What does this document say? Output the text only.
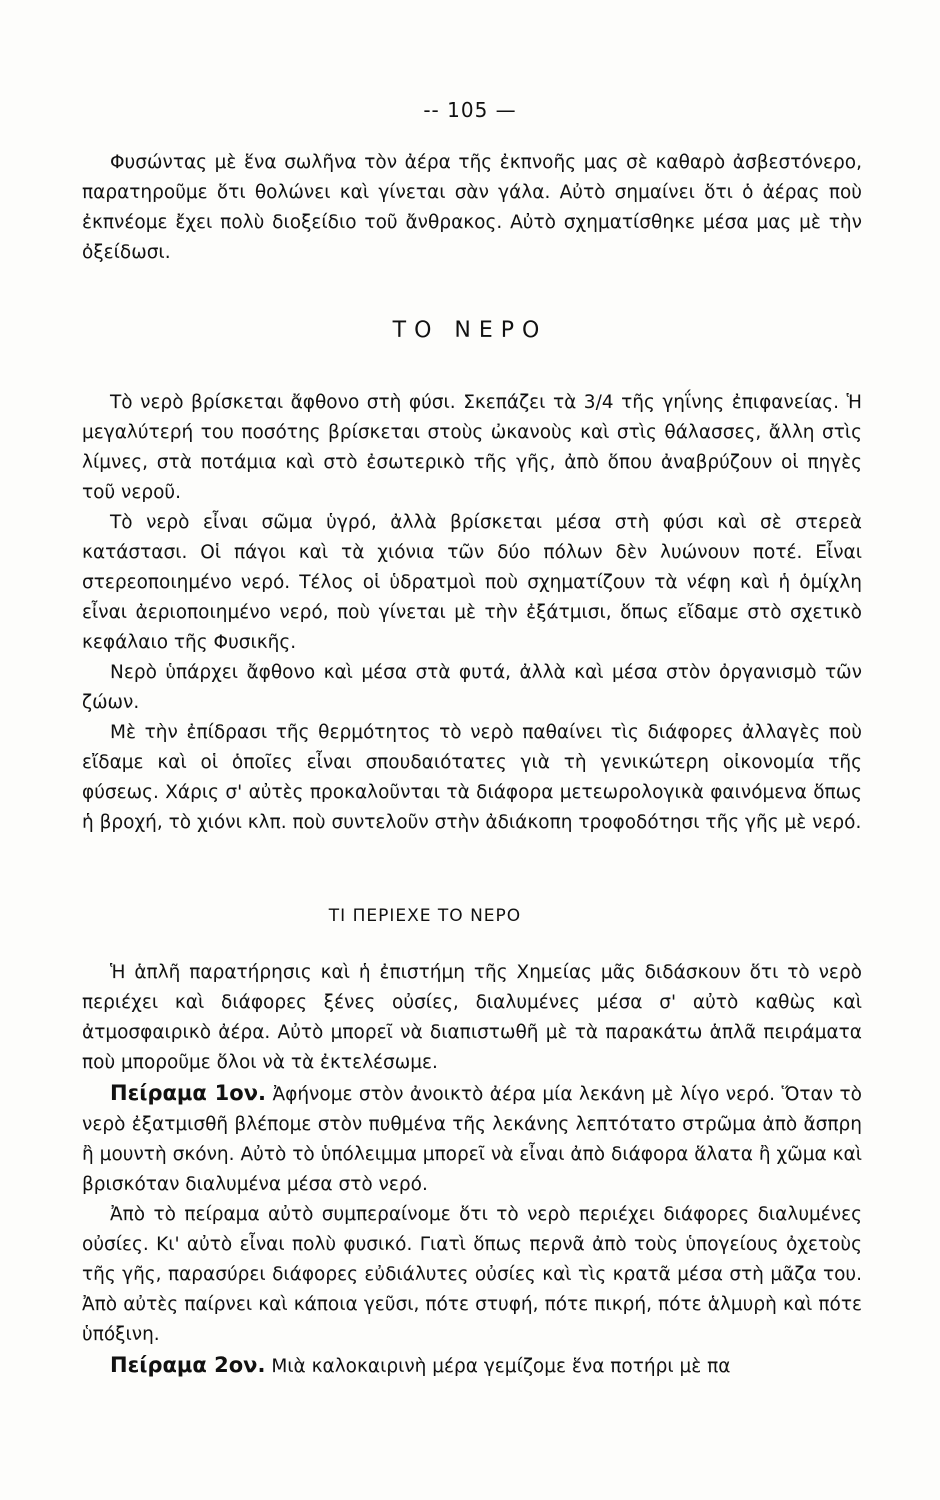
-- 105 —

Φυσώντας μὲ ἕνα σωλῆνα τὸν ἀέρα τῆς ἐκπνοῆς μας σὲ καθαρὸ ἀσβεστόνερο, παρατηροῦμε ὅτι θολώνει καὶ γίνεται σὰν γάλα. Αὐτὸ σημαίνει ὅτι ὁ ἀέρας ποὺ ἐκπνέομε ἔχει πολὺ διοξείδιο τοῦ ἄνθρακος. Αὐτὸ σχηματίσθηκε μέσα μας μὲ τὴν ὀξείδωσι.

ΤΟ ΝΕΡΟ

Τὸ νερὸ βρίσκεται ἄφθονο στὴ φύσι. Σκεπάζει τὰ 3/4 τῆς γηΐνης ἐπιφανείας. Ἡ μεγαλύτερή του ποσότης βρίσκεται στοὺς ὠκανοὺς καὶ στὶς θάλασσες, ἄλλη στὶς λίμνες, στὰ ποτάμια καὶ στὸ ἐσωτερικὸ τῆς γῆς, ἀπὸ ὅπου ἀναβρύζουν οἱ πηγὲς τοῦ νεροῦ.

Τὸ νερὸ εἶναι σῶμα ὑγρό, ἀλλὰ βρίσκεται μέσα στὴ φύσι καὶ σὲ στερεὰ κατάστασι. Οἱ πάγοι καὶ τὰ χιόνια τῶν δύο πόλων δὲν λυώνουν ποτέ. Εἶναι στερεοποιημένο νερό. Τέλος οἱ ὑδρατμοὶ ποὺ σχηματίζουν τὰ νέφη καὶ ἡ ὁμίχλη εἶναι ἀεριοποιημένο νερό, ποὺ γίνεται μὲ τὴν ἐξάτμισι, ὅπως εἴδαμε στὸ σχετικὸ κεφάλαιο τῆς Φυσικῆς.

Νερὸ ὑπάρχει ἄφθονο καὶ μέσα στὰ φυτά, ἀλλὰ καὶ μέσα στὸν ὀργανισμὸ τῶν ζώων.

Μὲ τὴν ἐπίδρασι τῆς θερμότητος τὸ νερὸ παθαίνει τὶς διάφορες ἀλλαγὲς ποὺ εἴδαμε καὶ οἱ ὁποῖες εἶναι σπουδαιότατες γιὰ τὴ γενικώτερη οἰκονομία τῆς φύσεως. Χάρις σ' αὐτὲς προκαλοῦνται τὰ διάφορα μετεωρολογικὰ φαινόμενα ὅπως ἡ βροχή, τὸ χιόνι κλπ. ποὺ συντελοῦν στὴν ἀδιάκοπη τροφοδότησι τῆς γῆς μὲ νερό.

ΤΙ ΠΕΡΙΕΧΕ ΤΟ ΝΕΡΟ

Ἡ ἁπλῆ παρατήρησις καὶ ἡ ἐπιστήμη τῆς Χημείας μᾶς διδάσκουν ὅτι τὸ νερὸ περιέχει καὶ διάφορες ξένες οὐσίες, διαλυμένες μέσα σ' αὐτὸ καθὼς καὶ ἀτμοσφαιρικὸ ἀέρα. Αὐτὸ μπορεῖ νὰ διαπιστωθῆ μὲ τὰ παρακάτω ἁπλᾶ πειράματα ποὺ μποροῦμε ὅλοι νὰ τὰ ἐκτελέσωμε.

Πείραμα 1ον. Ἀφήνομε στὸν ἀνοικτὸ ἀέρα μία λεκάνη μὲ λίγο νερό. Ὅταν τὸ νερὸ ἐξατμισθῆ βλέπομε στὸν πυθμένα τῆς λεκάνης λεπτότατο στρῶμα ἀπὸ ἄσπρη ἢ μουντὴ σκόνη. Αὐτὸ τὸ ὑπόλειμμα μπορεῖ νὰ εἶναι ἀπὸ διάφορα ἅλατα ἢ χῶμα καὶ βρισκόταν διαλυμένα μέσα στὸ νερό.

Ἀπὸ τὸ πείραμα αὐτὸ συμπεραίνομε ὅτι τὸ νερὸ περιέχει διάφορες διαλυμένες οὐσίες. Κι' αὐτὸ εἶναι πολὺ φυσικό. Γιατὶ ὅπως περνᾶ ἀπὸ τοὺς ὑπογείους ὀχετοὺς τῆς γῆς, παρασύρει διάφορες εὐδιάλυτες οὐσίες καὶ τὶς κρατᾶ μέσα στὴ μᾶζα του. Ἀπὸ αὐτὲς παίρνει καὶ κάποια γεῦσι, πότε στυφή, πότε πικρή, πότε ἁλμυρὴ καὶ πότε ὑπόξινη.

Πείραμα 2ον. Μιὰ καλοκαιρινὴ μέρα γεμίζομε ἕνα ποτήρι μὲ πα
